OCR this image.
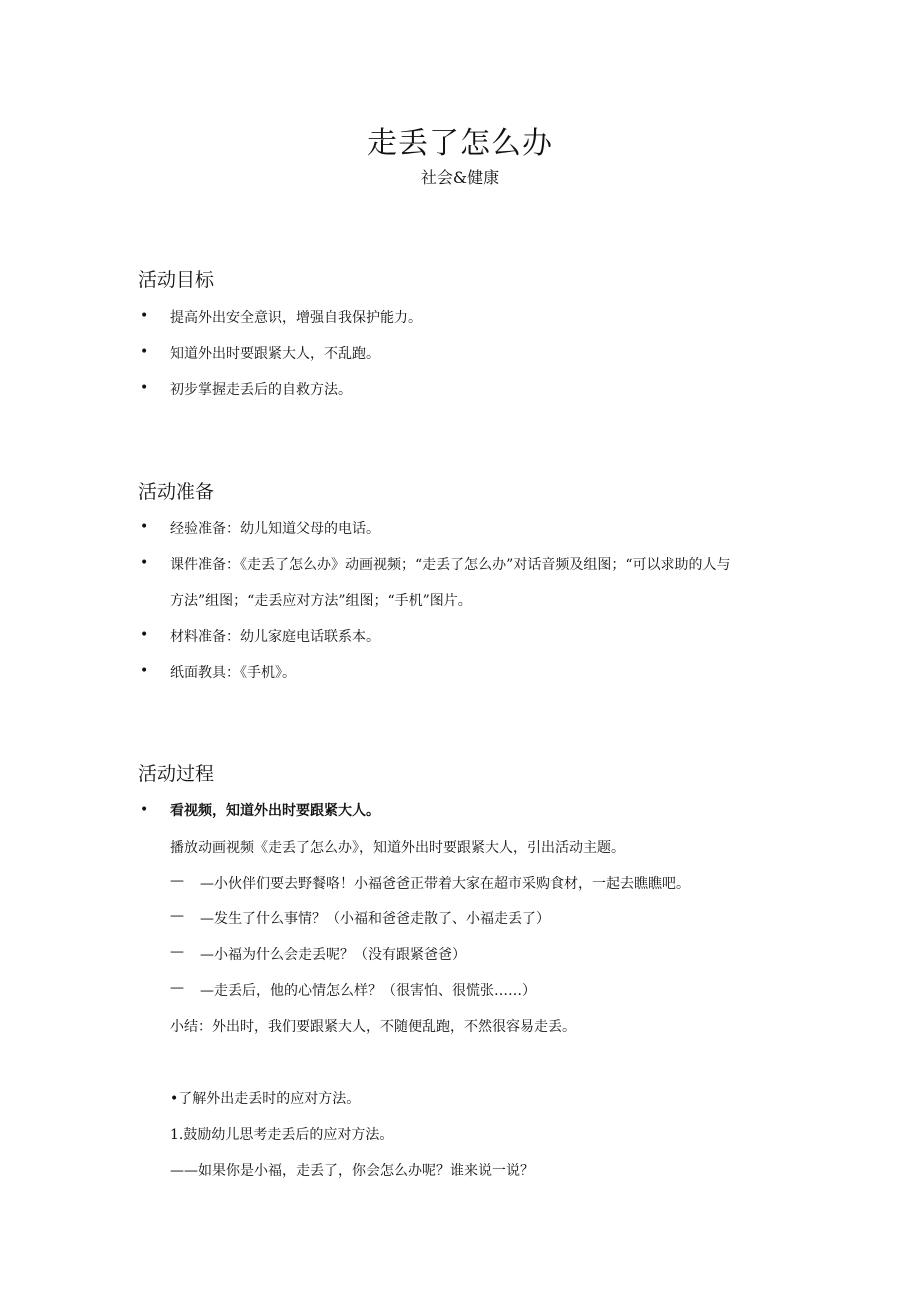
走丢了怎么办
社会&健康
活动目标
• 提高外出安全意识，增强自我保护能力。
• 知道外出时要跟紧大人，不乱跑。
• 初步掌握走丢后的自救方法。
活动准备
• 经验准备：幼儿知道父母的电话。
• 课件准备：《走丢了怎么办》动画视频；“走丢了怎么办”对话音频及组图；“可以求助的人与
方法”组图；“走丢应对方法”组图；“手机”图片。
• 材料准备：幼儿家庭电话联系本。
• 纸面教具：《手机》。
活动过程
• 看视频，知道外出时要跟紧大人。
播放动画视频《走丢了怎么办》，知道外出时要跟紧大人，引出活动主题。
— —小伙伴们要去野餐咯！小福爸爸正带着大家在超市采购食材，一起去瞧瞧吧。
— —发生了什么事情？（小福和爸爸走散了、小福走丢了）
— —小福为什么会走丢呢？（没有跟紧爸爸）
— —走丢后，他的心情怎么样？（很害怕、很慌张……）
小结：外出时，我们要跟紧大人，不随便乱跑，不然很容易走丢。
•了解外出走丢时的应对方法。
1.鼓励幼儿思考走丢后的应对方法。
——如果你是小福，走丢了，你会怎么办呢？谁来说一说？
